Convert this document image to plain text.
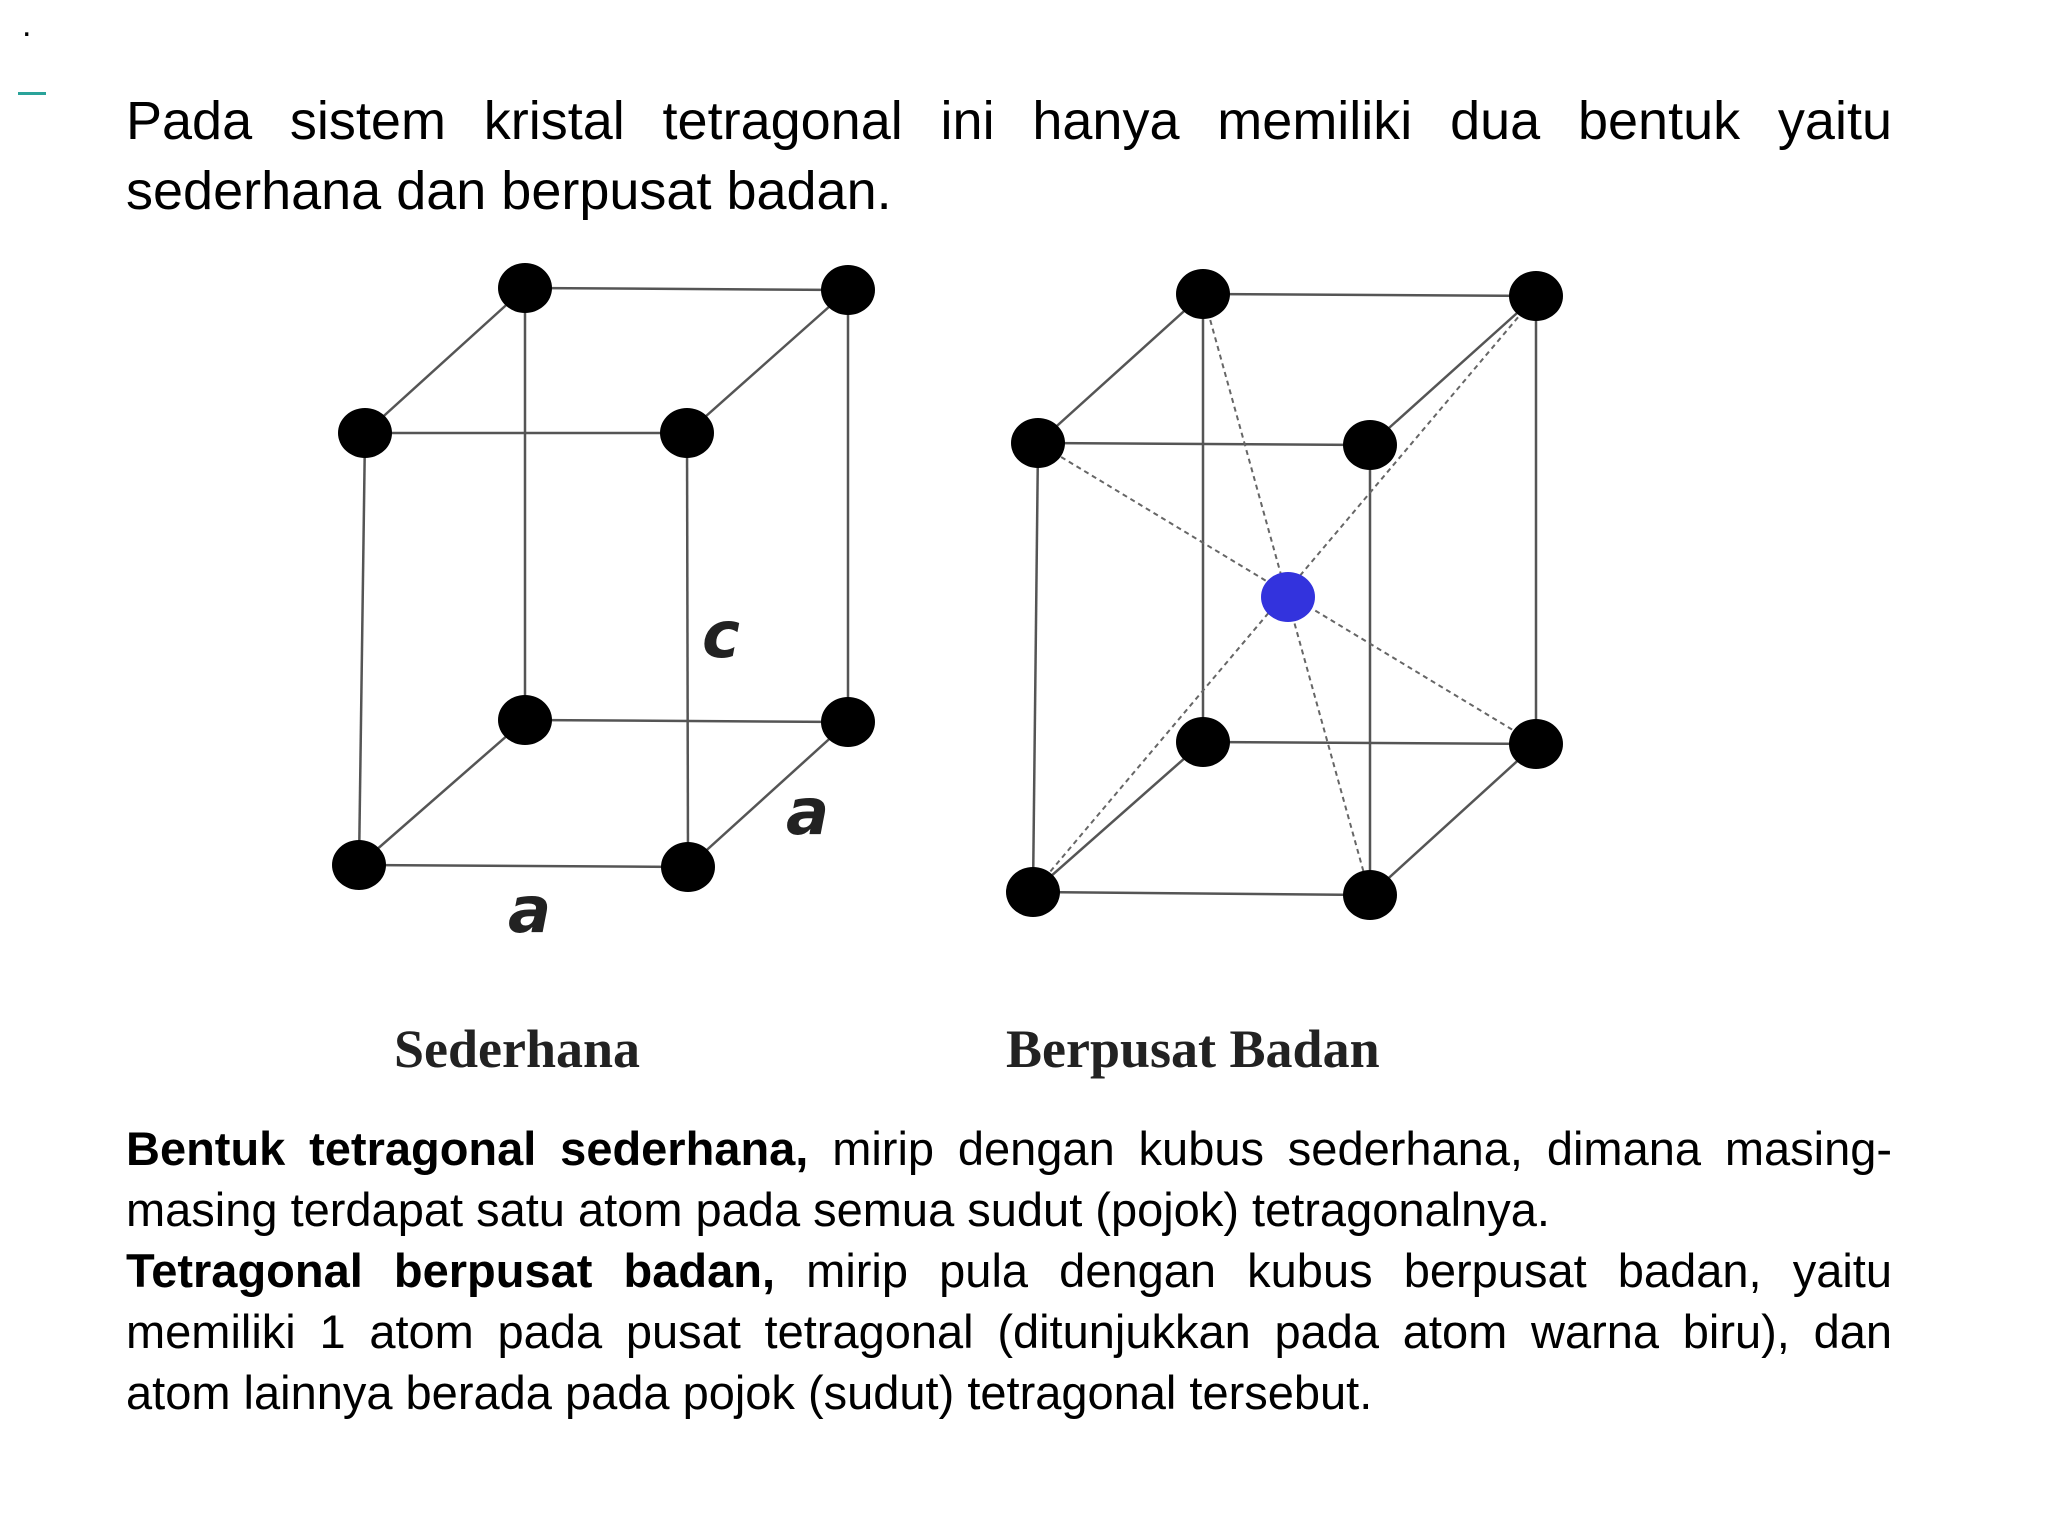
.

Pada sistem kristal tetragonal ini hanya memiliki dua bentuk yaitu sederhana dan berpusat badan.

c
a
a

Sederhana	Berpusat Badan

Bentuk tetragonal sederhana, mirip dengan kubus sederhana, dimana masing-masing terdapat satu atom pada semua sudut (pojok) tetragonalnya.

Tetragonal berpusat badan, mirip pula dengan kubus berpusat badan, yaitu memiliki 1 atom pada pusat tetragonal (ditunjukkan pada atom warna biru), dan atom lainnya berada pada pojok (sudut) tetragonal tersebut.
